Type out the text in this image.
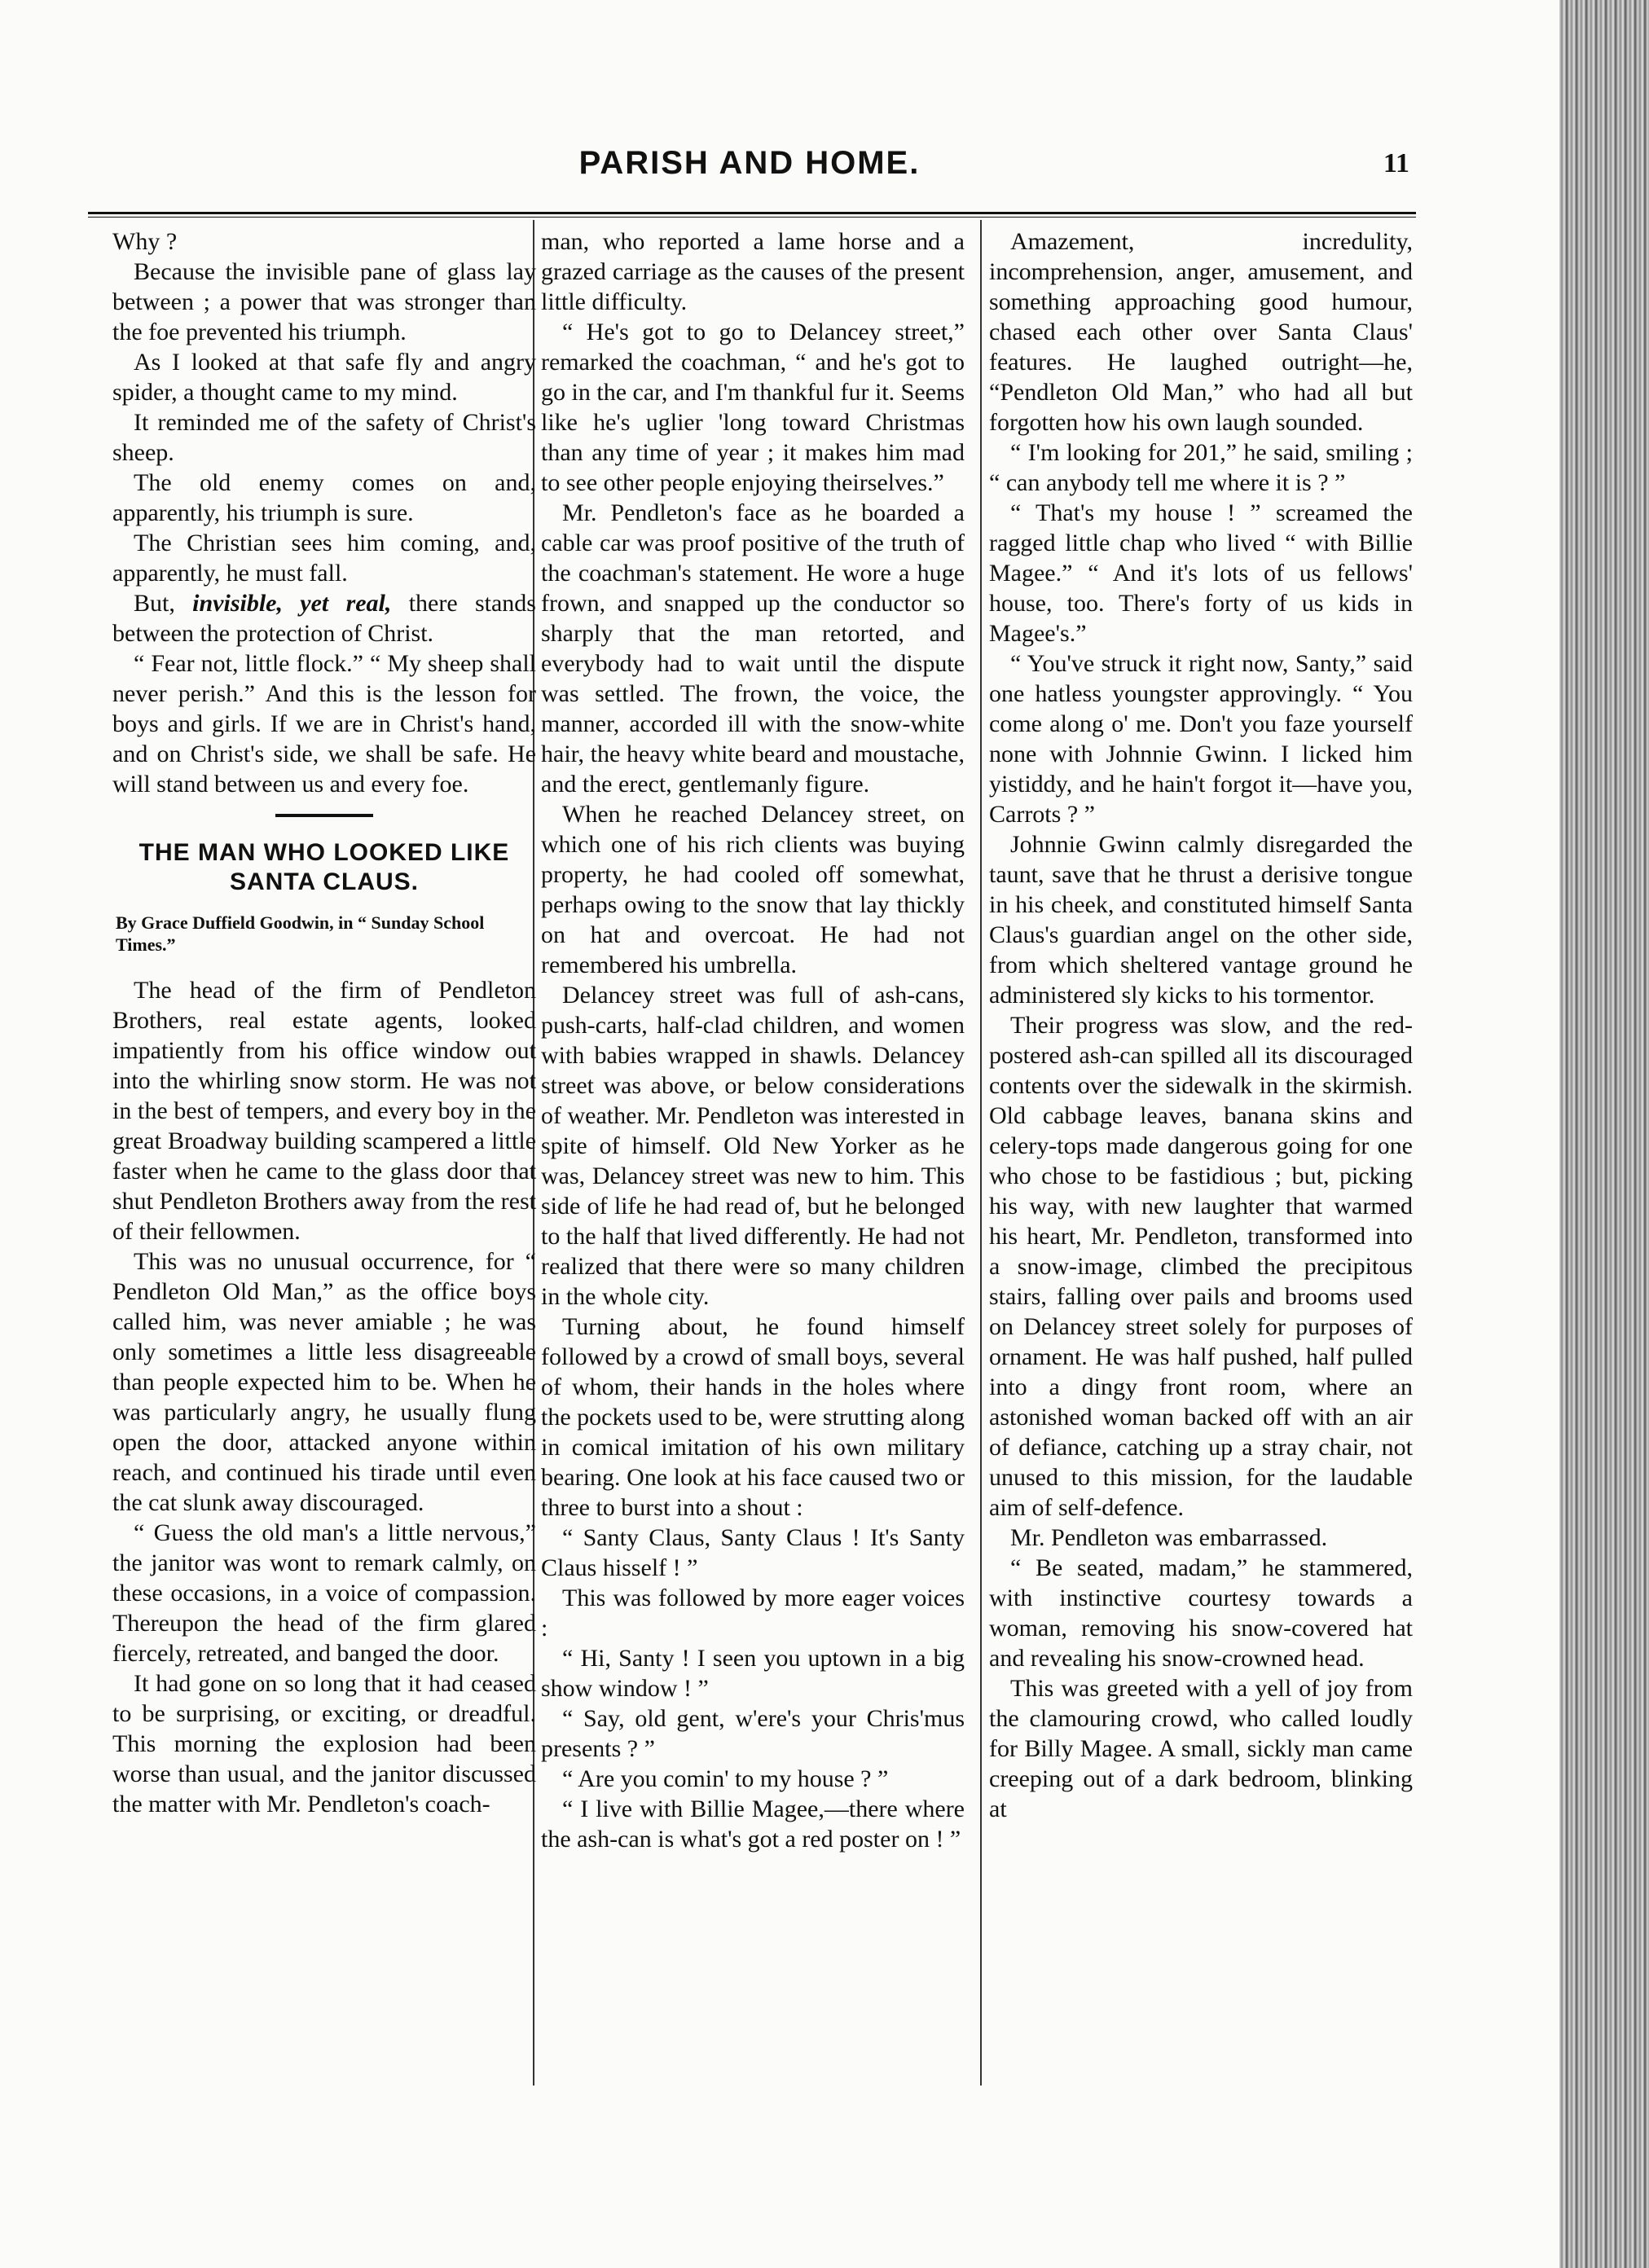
PARISH AND HOME.	11

Why ?

Because the invisible pane of glass lay between ; a power that was stronger than the foe prevented his triumph.

As I looked at that safe fly and angry spider, a thought came to my mind.

It reminded me of the safety of Christ's sheep.

The old enemy comes on and, apparently, his triumph is sure.

The Christian sees him coming, and, apparently, he must fall.

But, invisible, yet real, there stands between the protection of Christ.

“ Fear not, little flock.” “ My sheep shall never perish.” And this is the lesson for boys and girls. If we are in Christ's hand, and on Christ's side, we shall be safe. He will stand between us and every foe.

THE MAN WHO LOOKED LIKE SANTA CLAUS.
By Grace Duffield Goodwin, in “ Sunday School Times.”

The head of the firm of Pendleton Brothers, real estate agents, looked impatiently from his office window out into the whirling snow storm. He was not in the best of tempers, and every boy in the great Broadway building scampered a little faster when he came to the glass door that shut Pendleton Brothers away from the rest of their fellowmen.

This was no unusual occurrence, for “ Pendleton Old Man,” as the office boys called him, was never amiable ; he was only sometimes a little less disagreeable than people expected him to be. When he was particularly angry, he usually flung open the door, attacked anyone within reach, and continued his tirade until even the cat slunk away discouraged.

“ Guess the old man's a little nervous,” the janitor was wont to remark calmly, on these occasions, in a voice of compassion. Thereupon the head of the firm glared fiercely, retreated, and banged the door.

It had gone on so long that it had ceased to be surprising, or exciting, or dreadful. This morning the explosion had been worse than usual, and the janitor discussed the matter with Mr. Pendleton's coach-

man, who reported a lame horse and a grazed carriage as the causes of the present little difficulty.

“ He's got to go to Delancey street,” remarked the coachman, “ and he's got to go in the car, and I'm thankful fur it. Seems like he's uglier 'long toward Christmas than any time of year ; it makes him mad to see other people enjoying theirselves.”

Mr. Pendleton's face as he boarded a cable car was proof positive of the truth of the coachman's statement. He wore a huge frown, and snapped up the conductor so sharply that the man retorted, and everybody had to wait until the dispute was settled. The frown, the voice, the manner, accorded ill with the snow-white hair, the heavy white beard and moustache, and the erect, gentlemanly figure.

When he reached Delancey street, on which one of his rich clients was buying property, he had cooled off somewhat, perhaps owing to the snow that lay thickly on hat and overcoat. He had not remembered his umbrella.

Delancey street was full of ash-cans, push-carts, half-clad children, and women with babies wrapped in shawls. Delancey street was above, or below considerations of weather. Mr. Pendleton was interested in spite of himself. Old New Yorker as he was, Delancey street was new to him. This side of life he had read of, but he belonged to the half that lived differently. He had not realized that there were so many children in the whole city.

Turning about, he found himself followed by a crowd of small boys, several of whom, their hands in the holes where the pockets used to be, were strutting along in comical imitation of his own military bearing. One look at his face caused two or three to burst into a shout :

“ Santy Claus, Santy Claus ! It's Santy Claus hisself ! ”

This was followed by more eager voices :

“ Hi, Santy ! I seen you uptown in a big show window ! ”

“ Say, old gent, w'ere's your Chris'mus presents ? ”

“ Are you comin' to my house ? ”

“ I live with Billie Magee,—there where the ash-can is what's got a red poster on ! ”

Amazement, incredulity, incomprehension, anger, amusement, and something approaching good humour, chased each other over Santa Claus' features. He laughed outright—he, “Pendleton Old Man,” who had all but forgotten how his own laugh sounded.

“ I'm looking for 201,” he said, smiling ; “ can anybody tell me where it is ? ”

“ That's my house ! ” screamed the ragged little chap who lived “ with Billie Magee.” “ And it's lots of us fellows' house, too. There's forty of us kids in Magee's.”

“ You've struck it right now, Santy,” said one hatless youngster approvingly. “ You come along o' me. Don't you faze yourself none with Johnnie Gwinn. I licked him yistiddy, and he hain't forgot it—have you, Carrots ? ”

Johnnie Gwinn calmly disregarded the taunt, save that he thrust a derisive tongue in his cheek, and constituted himself Santa Claus's guardian angel on the other side, from which sheltered vantage ground he administered sly kicks to his tormentor.

Their progress was slow, and the red-postered ash-can spilled all its discouraged contents over the sidewalk in the skirmish. Old cabbage leaves, banana skins and celery-tops made dangerous going for one who chose to be fastidious ; but, picking his way, with new laughter that warmed his heart, Mr. Pendleton, transformed into a snow-image, climbed the precipitous stairs, falling over pails and brooms used on Delancey street solely for purposes of ornament. He was half pushed, half pulled into a dingy front room, where an astonished woman backed off with an air of defiance, catching up a stray chair, not unused to this mission, for the laudable aim of self-defence.

Mr. Pendleton was embarrassed.

“ Be seated, madam,” he stammered, with instinctive courtesy towards a woman, removing his snow-covered hat and revealing his snow-crowned head.

This was greeted with a yell of joy from the clamouring crowd, who called loudly for Billy Magee. A small, sickly man came creeping out of a dark bedroom, blinking at
